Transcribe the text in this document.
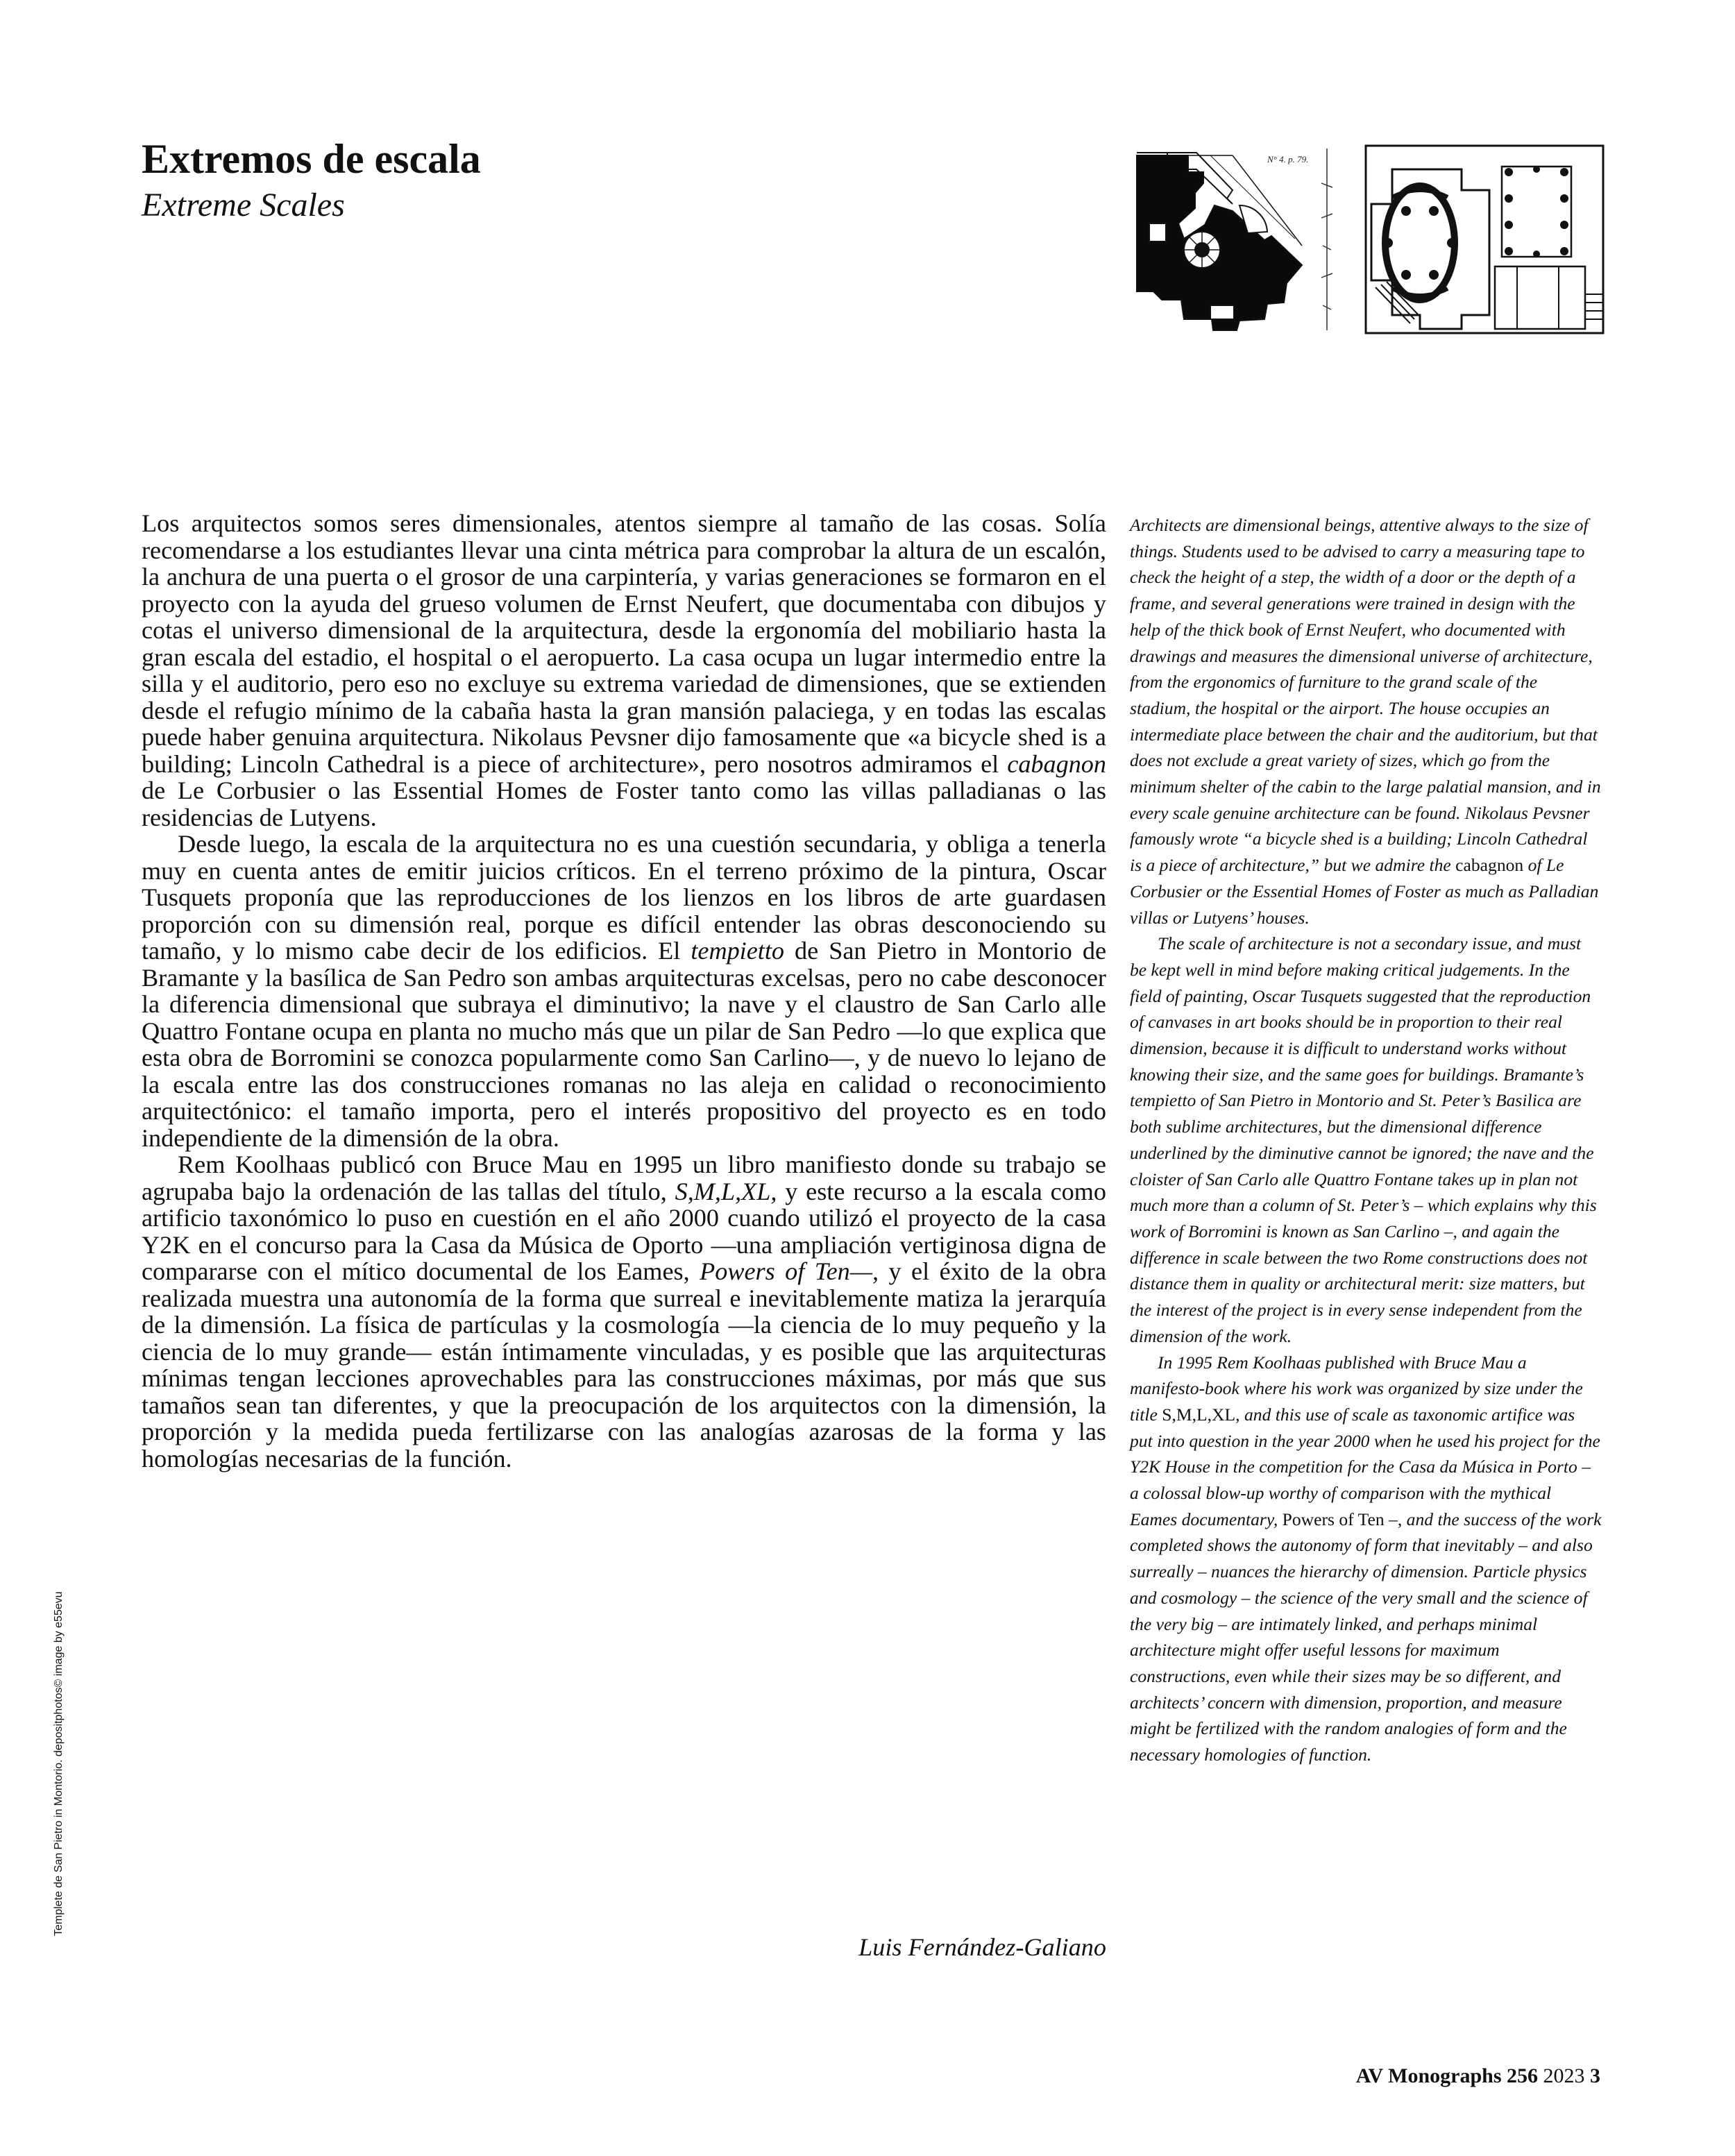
Extremos de escala
Extreme Scales
N° 4. p. 79.

Los arquitectos somos seres dimensionales, atentos siempre al tamaño de las cosas. Solía recomendarse a los estudiantes llevar una cinta métrica para comprobar la altura de un escalón, la anchura de una puerta o el grosor de una carpintería, y varias generaciones se formaron en el proyecto con la ayuda del grueso volumen de Ernst Neufert, que documentaba con dibujos y cotas el universo dimensional de la arquitectura, desde la ergonomía del mobiliario hasta la gran escala del estadio, el hospital o el aeropuerto. La casa ocupa un lugar intermedio entre la silla y el auditorio, pero eso no excluye su extrema variedad de dimensiones, que se extienden desde el refugio mínimo de la cabaña hasta la gran mansión palaciega, y en todas las escalas puede haber genuina arquitectura. Nikolaus Pevsner dijo famosamente que «a bicycle shed is a building; Lincoln Cathedral is a piece of architecture», pero nosotros admiramos el cabagnon de Le Corbusier o las Essential Homes de Foster tanto como las villas palladianas o las residencias de Lutyens.

Desde luego, la escala de la arquitectura no es una cuestión secundaria, y obliga a tenerla muy en cuenta antes de emitir juicios críticos. En el terreno próximo de la pintura, Oscar Tusquets proponía que las reproducciones de los lienzos en los libros de arte guardasen proporción con su dimensión real, porque es difícil entender las obras desconociendo su tamaño, y lo mismo cabe decir de los edificios. El tempietto de San Pietro in Montorio de Bramante y la basílica de San Pedro son ambas arquitecturas excelsas, pero no cabe desconocer la diferencia dimensional que subraya el diminutivo; la nave y el claustro de San Carlo alle Quattro Fontane ocupa en planta no mucho más que un pilar de San Pedro —lo que explica que esta obra de Borromini se conozca popularmente como San Carlino—, y de nuevo lo lejano de la escala entre las dos construcciones romanas no las aleja en calidad o reconocimiento arquitectónico: el tamaño importa, pero el interés propositivo del proyecto es en todo independiente de la dimensión de la obra.

Rem Koolhaas publicó con Bruce Mau en 1995 un libro manifiesto donde su trabajo se agrupaba bajo la ordenación de las tallas del título, S,M,L,XL, y este recurso a la escala como artificio taxonómico lo puso en cuestión en el año 2000 cuando utilizó el proyecto de la casa Y2K en el concurso para la Casa da Música de Oporto —una ampliación vertiginosa digna de compararse con el mítico documental de los Eames, Powers of Ten—, y el éxito de la obra realizada muestra una autonomía de la forma que surreal e inevitablemente matiza la jerarquía de la dimensión. La física de partículas y la cosmología —la ciencia de lo muy pequeño y la ciencia de lo muy grande— están íntimamente vinculadas, y es posible que las arquitecturas mínimas tengan lecciones aprovechables para las construcciones máximas, por más que sus tamaños sean tan diferentes, y que la preocupación de los arquitectos con la dimensión, la proporción y la medida pueda fertilizarse con las analogías azarosas de la forma y las homologías necesarias de la función.

Luis Fernández-Galiano

Architects are dimensional beings, attentive always to the size of things. Students used to be advised to carry a measuring tape to check the height of a step, the width of a door or the depth of a frame, and several generations were trained in design with the help of the thick book of Ernst Neufert, who documented with drawings and measures the dimensional universe of architecture, from the ergonomics of furniture to the grand scale of the stadium, the hospital or the airport. The house occupies an intermediate place between the chair and the auditorium, but that does not exclude a great variety of sizes, which go from the minimum shelter of the cabin to the large palatial mansion, and in every scale genuine architecture can be found. Nikolaus Pevsner famously wrote “a bicycle shed is a building; Lincoln Cathedral is a piece of architecture,” but we admire the cabagnon of Le Corbusier or the Essential Homes of Foster as much as Palladian villas or Lutyens’ houses.

The scale of architecture is not a secondary issue, and must be kept well in mind before making critical judgements. In the field of painting, Oscar Tusquets suggested that the reproduction of canvases in art books should be in proportion to their real dimension, because it is difficult to understand works without knowing their size, and the same goes for buildings. Bramante’s tempietto of San Pietro in Montorio and St. Peter’s Basilica are both sublime architectures, but the dimensional difference underlined by the diminutive cannot be ignored; the nave and the cloister of San Carlo alle Quattro Fontane takes up in plan not much more than a column of St. Peter’s – which explains why this work of Borromini is known as San Carlino –, and again the difference in scale between the two Rome constructions does not distance them in quality or architectural merit: size matters, but the interest of the project is in every sense independent from the dimension of the work.

In 1995 Rem Koolhaas published with Bruce Mau a manifesto-book where his work was organized by size under the title S,M,L,XL, and this use of scale as taxonomic artifice was put into question in the year 2000 when he used his project for the Y2K House in the competition for the Casa da Música in Porto – a colossal blow-up worthy of comparison with the mythical Eames documentary, Powers of Ten –, and the success of the work completed shows the autonomy of form that inevitably – and also surreally – nuances the hierarchy of dimension. Particle physics and cosmology – the science of the very small and the science of the very big – are intimately linked, and perhaps minimal architecture might offer useful lessons for maximum constructions, even while their sizes may be so different, and architects’ concern with dimension, proportion, and measure might be fertilized with the random analogies of form and the necessary homologies of function.

Templete de San Pietro in Montorio. depositphotos© image by e55evu
AV Monographs 256 2023 3
